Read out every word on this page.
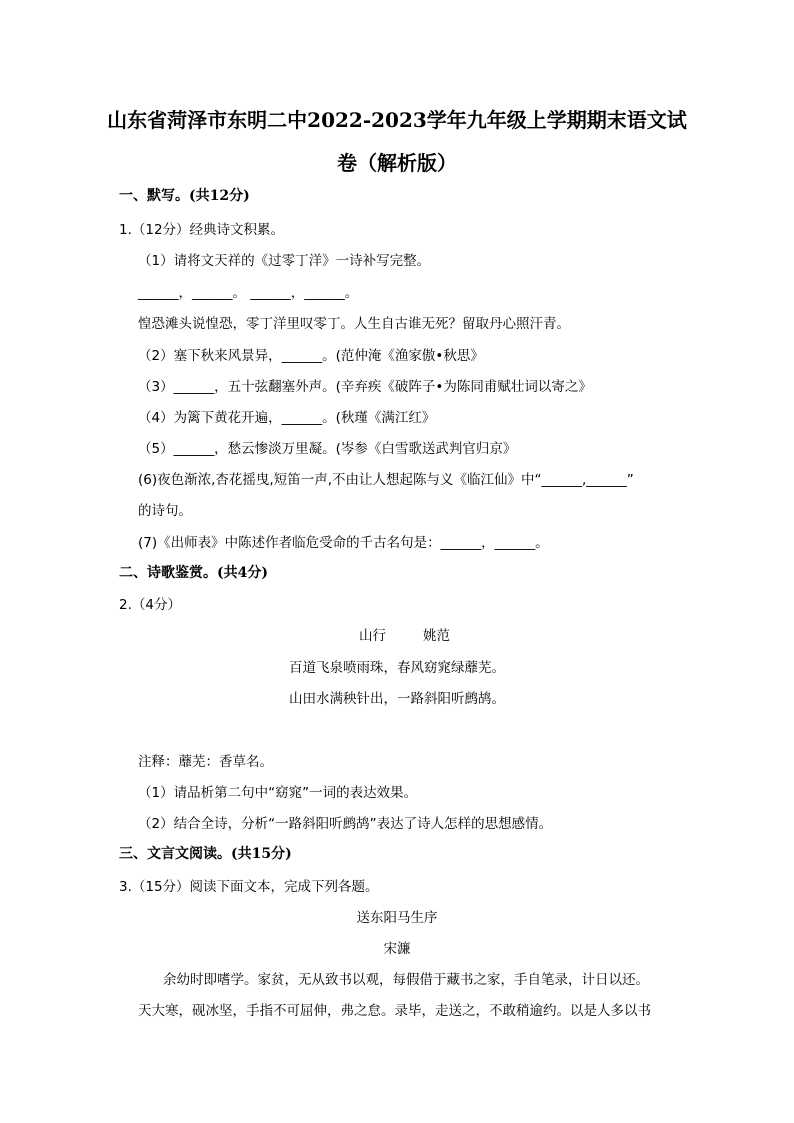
山东省菏泽市东明二中2022-2023学年九年级上学期期末语文试
卷（解析版）
一、默写。(共12分)
1.（12分）经典诗文积累。
（1）请将文天祥的《过零丁洋》一诗补写完整。
______，______。 ______，______。
惶恐滩头说惶恐，零丁洋里叹零丁。人生自古谁无死？留取丹心照汗青。
（2）塞下秋来风景异，______。(范仲淹《渔家傲•秋思》
（3）______，五十弦翻塞外声。(辛弃疾《破阵子•为陈同甫赋壮词以寄之》
（4）为篱下黄花开遍，______。(秋瑾《满江红》
（5）______，愁云惨淡万里凝。(岑参《白雪歌送武判官归京》
(6)夜色渐浓,杏花摇曳,短笛一声,不由让人想起陈与义《临江仙》中“______,______”
的诗句。
(7)《出师表》中陈述作者临危受命的千古名句是：______，______。
二、诗歌鉴赏。(共4分)
2.（4分）
山行	姚范
百道飞泉喷雨珠，春风窈窕绿蘼芜。
山田水满秧针出，一路斜阳听鹧鸪。
注释：蘼芜：香草名。
（1）请品析第二句中“窈窕”一词的表达效果。
（2）结合全诗，分析“一路斜阳听鹧鸪”表达了诗人怎样的思想感情。
三、文言文阅读。(共15分)
3.（15分）阅读下面文本，完成下列各题。
送东阳马生序
宋濂
余幼时即嗜学。家贫，无从致书以观，每假借于藏书之家，手自笔录，计日以还。
天大寒，砚冰坚，手指不可屈伸，弗之怠。录毕，走送之，不敢稍逾约。以是人多以书
